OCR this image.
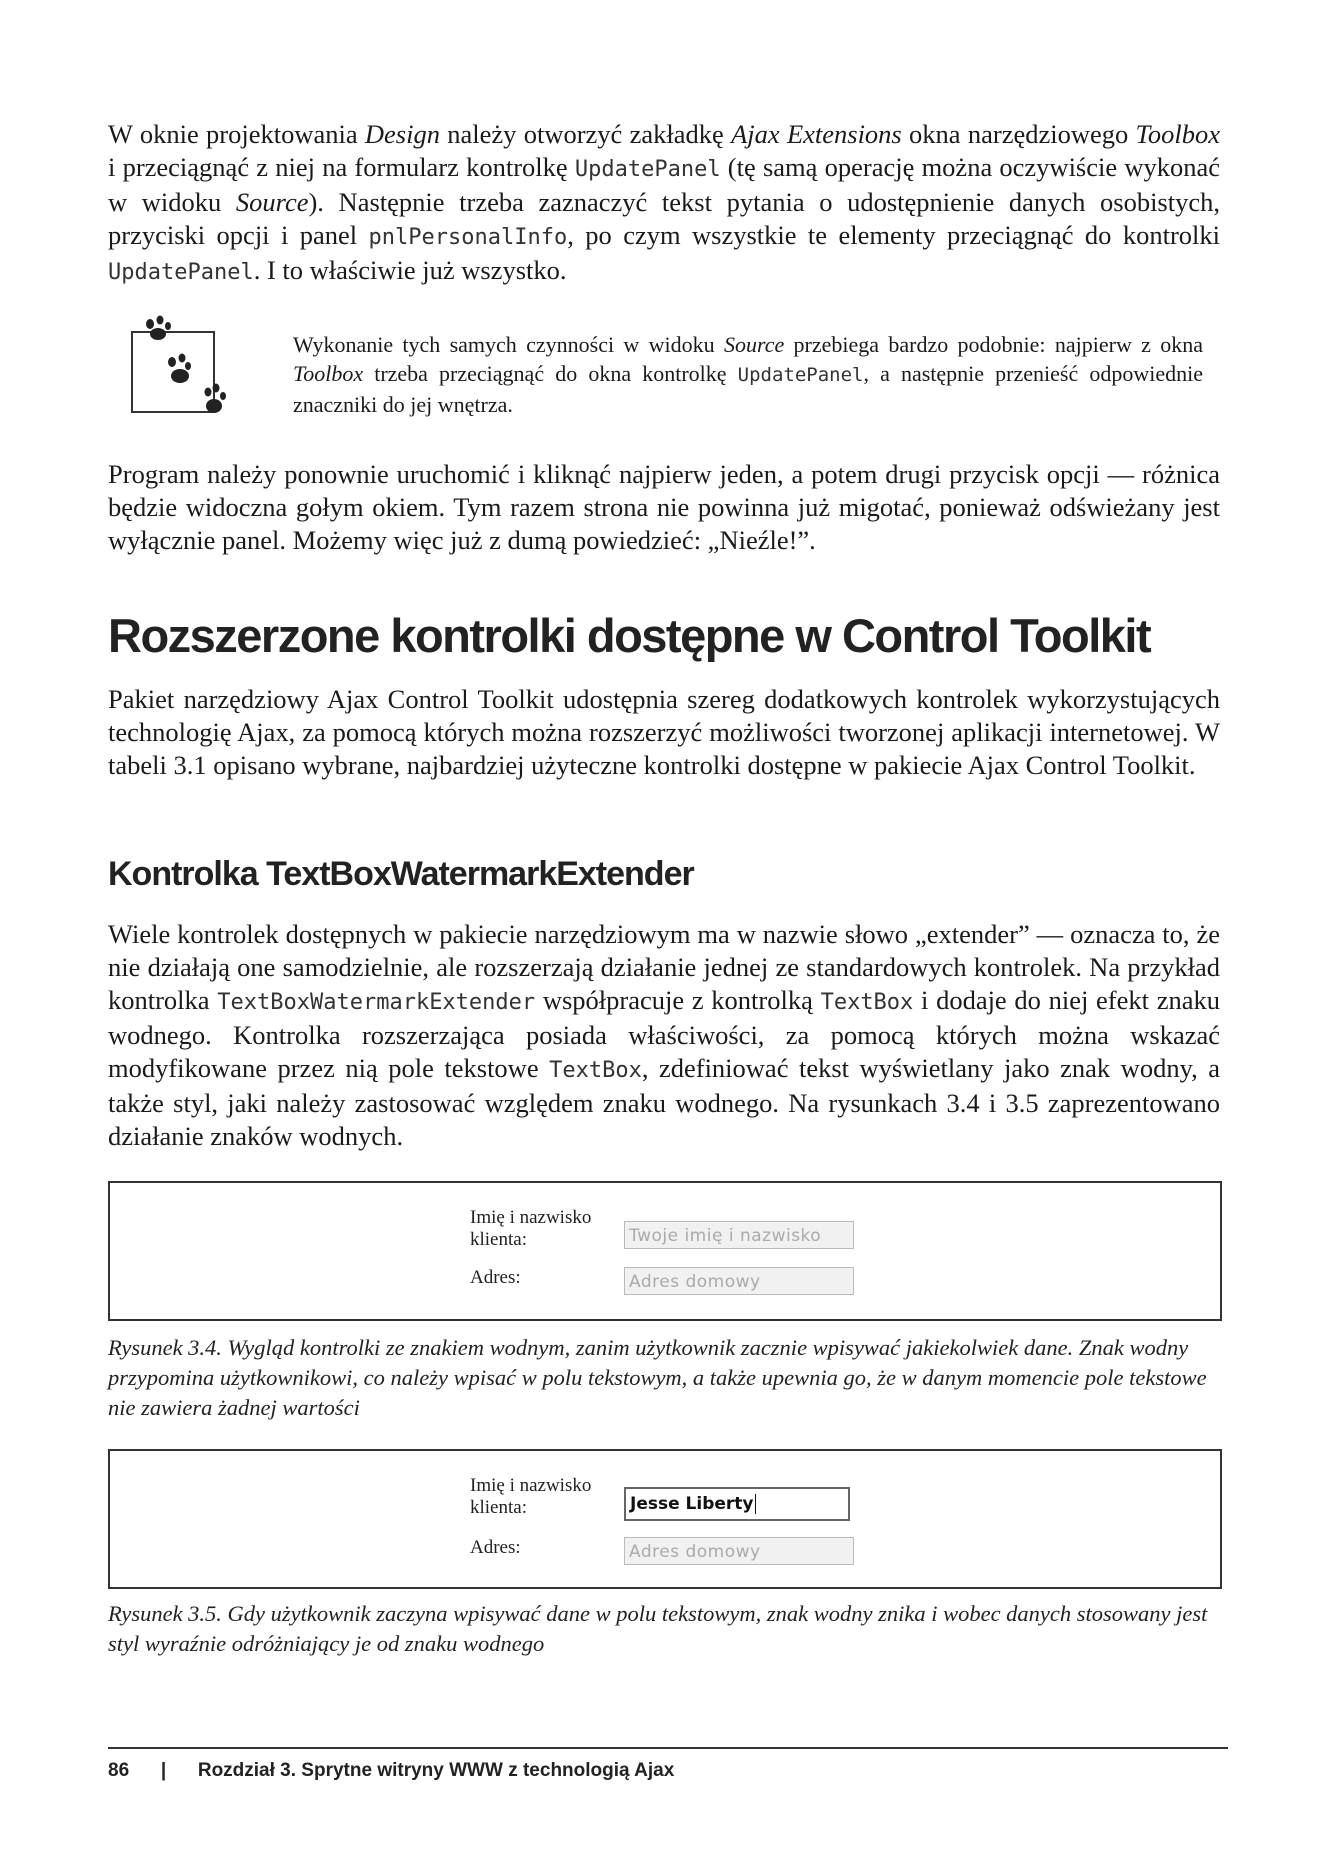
W oknie projektowania Design należy otworzyć zakładkę Ajax Extensions okna narzędziowego Toolbox i przeciągnąć z niej na formularz kontrolkę UpdatePanel (tę samą operację można oczywiście wykonać w widoku Source). Następnie trzeba zaznaczyć tekst pytania o udostępnienie danych osobistych, przyciski opcji i panel pnlPersonalInfo, po czym wszystkie te elementy przeciągnąć do kontrolki UpdatePanel. I to właściwie już wszystko.

Wykonanie tych samych czynności w widoku Source przebiega bardzo podobnie: najpierw z okna Toolbox trzeba przeciągnąć do okna kontrolkę UpdatePanel, a następnie przenieść odpowiednie znaczniki do jej wnętrza.

Program należy ponownie uruchomić i kliknąć najpierw jeden, a potem drugi przycisk opcji — różnica będzie widoczna gołym okiem. Tym razem strona nie powinna już migotać, ponieważ odświeżany jest wyłącznie panel. Możemy więc już z dumą powiedzieć: „Nieźle!”.

Rozszerzone kontrolki dostępne w Control Toolkit

Pakiet narzędziowy Ajax Control Toolkit udostępnia szereg dodatkowych kontrolek wykorzystujących technologię Ajax, za pomocą których można rozszerzyć możliwości tworzonej aplikacji internetowej. W tabeli 3.1 opisano wybrane, najbardziej użyteczne kontrolki dostępne w pakiecie Ajax Control Toolkit.

Kontrolka TextBoxWatermarkExtender

Wiele kontrolek dostępnych w pakiecie narzędziowym ma w nazwie słowo „extender” — oznacza to, że nie działają one samodzielnie, ale rozszerzają działanie jednej ze standardowych kontrolek. Na przykład kontrolka TextBoxWatermarkExtender współpracuje z kontrolką TextBox i dodaje do niej efekt znaku wodnego. Kontrolka rozszerzająca posiada właściwości, za pomocą których można wskazać modyfikowane przez nią pole tekstowe TextBox, zdefiniować tekst wyświetlany jako znak wodny, a także styl, jaki należy zastosować względem znaku wodnego. Na rysunkach 3.4 i 3.5 zaprezentowano działanie znaków wodnych.

Imię i nazwisko klienta:	Twoje imię i nazwisko
Adres:	Adres domowy

Rysunek 3.4. Wygląd kontrolki ze znakiem wodnym, zanim użytkownik zacznie wpisywać jakiekolwiek dane. Znak wodny przypomina użytkownikowi, co należy wpisać w polu tekstowym, a także upewnia go, że w danym momencie pole tekstowe nie zawiera żadnej wartości

Imię i nazwisko klienta:	Jesse Liberty
Adres:	Adres domowy

Rysunek 3.5. Gdy użytkownik zaczyna wpisywać dane w polu tekstowym, znak wodny znika i wobec danych stosowany jest styl wyraźnie odróżniający je od znaku wodnego

86 | Rozdział 3. Sprytne witryny WWW z technologią Ajax
